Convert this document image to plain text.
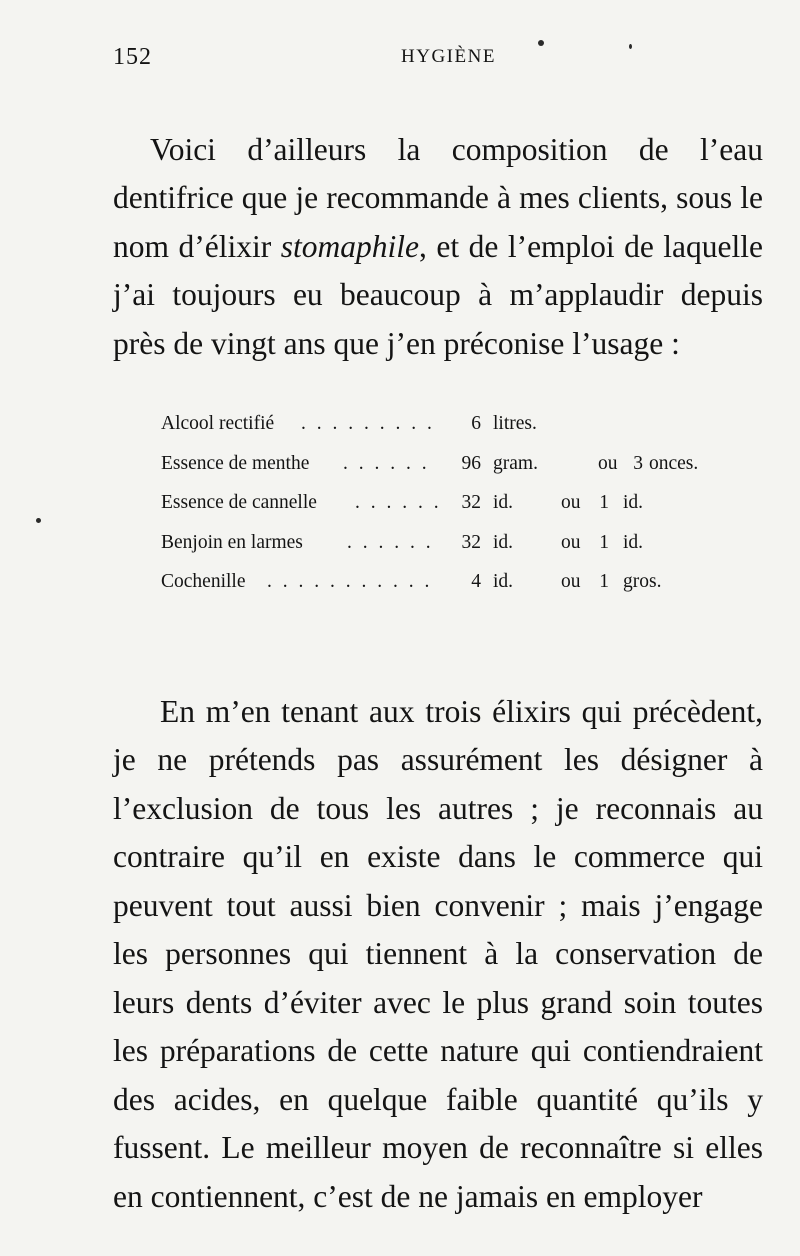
152	HYGIÈNE

Voici d’ailleurs la composition de l’eau dentifrice que je recommande à mes clients, sous le nom d’élixir stomaphile, et de l’emploi de laquelle j’ai toujours eu beaucoup à m’applaudir depuis près de vingt ans que j’en préconise l’usage :

Alcool rectifié . . . . . . . . .	6 litres.
Essence de menthe . . . . . .	96 gram.	ou 3 onces.
Essence de cannelle . . . . . .	32 id. ou 1 id.
Benjoin en larmes . . . . . .	32 id. ou 1 id.
Cochenille . . . . . . . . . . .	4 id. ou 1 gros.

En m’en tenant aux trois élixirs qui précèdent, je ne prétends pas assurément les désigner à l’exclusion de tous les autres ; je reconnais au contraire qu’il en existe dans le commerce qui peuvent tout aussi bien convenir ; mais j’engage les personnes qui tiennent à la conservation de leurs dents d’éviter avec le plus grand soin toutes les préparations de cette nature qui contiendraient des acides, en quelque faible quantité qu’ils y fussent. Le meilleur moyen de reconnaître si elles en contiennent, c’est de ne jamais en employer
